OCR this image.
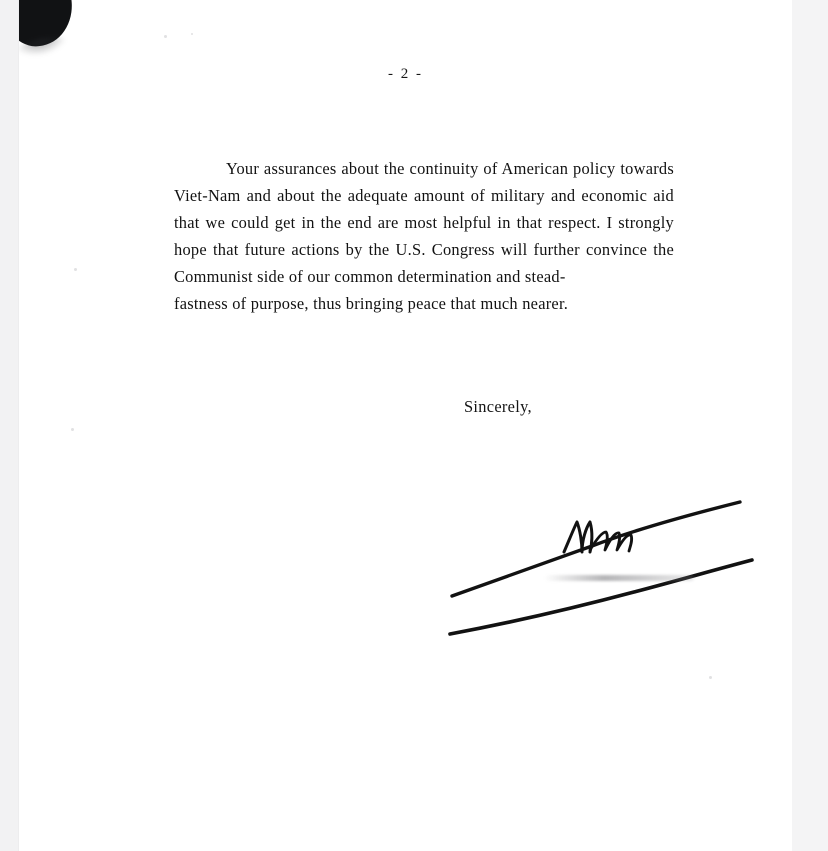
- 2 -

Your assurances about the continuity of American policy towards Viet-Nam and about the adequate amount of military and economic aid that we could get in the end are most helpful in that respect. I strongly hope that future actions by the U.S. Congress will further convince the Communist side of our common determination and stead-

fastness of purpose, thus bringing peace that much nearer.

Sincerely,
